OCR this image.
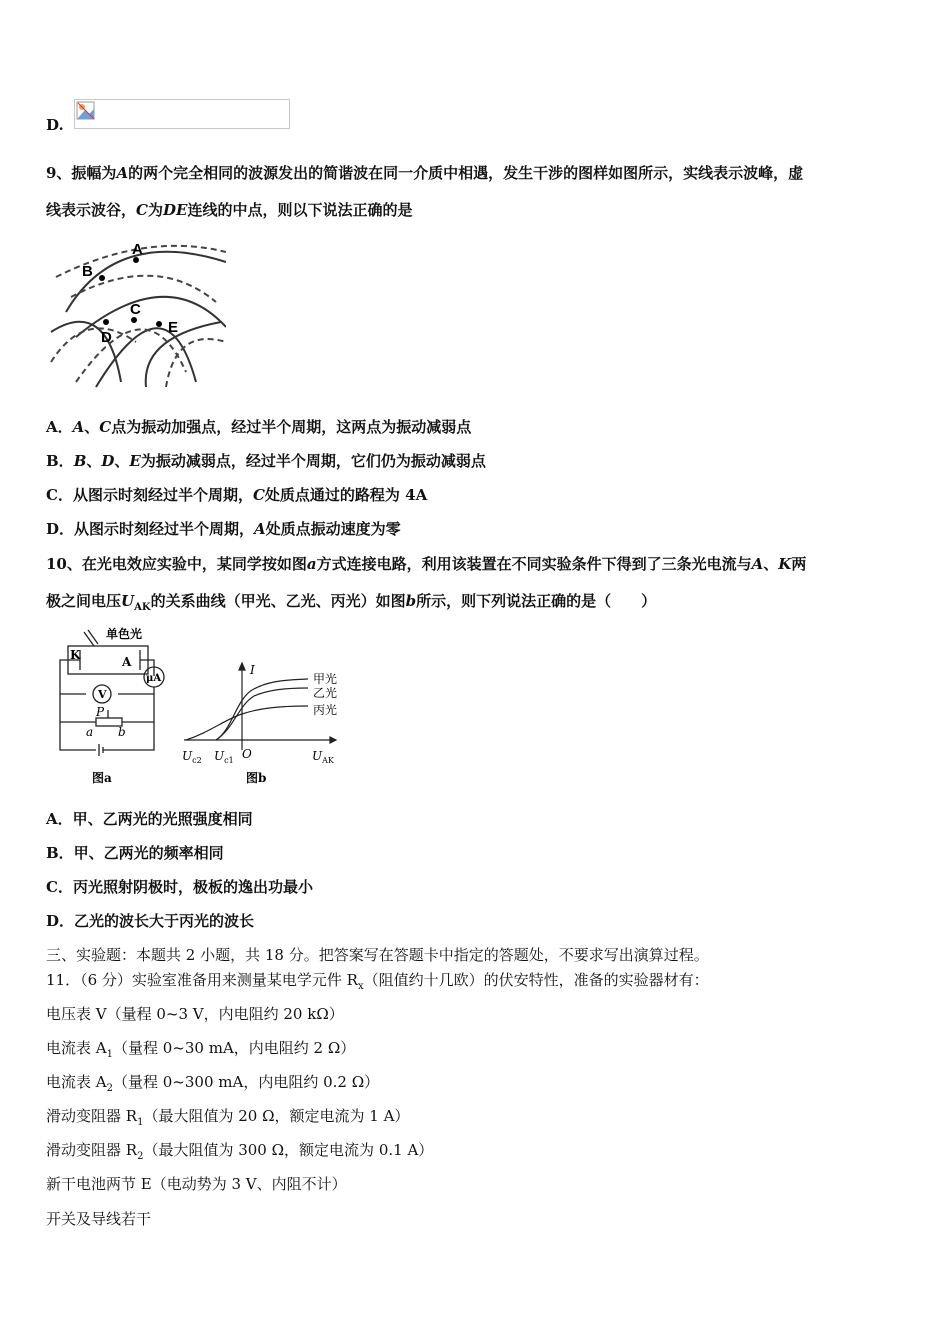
D.
9、振幅为A的两个完全相同的波源发出的简谐波在同一介质中相遇，发生干涉的图样如图所示，实线表示波峰，虚
线表示波谷，C为DE连线的中点，则以下说法正确的是
A
B
C
D
E
A．A、C点为振动加强点，经过半个周期，这两点为振动减弱点
B．B、D、E为振动减弱点，经过半个周期，它们仍为振动减弱点
C．从图示时刻经过半个周期，C处质点通过的路程为 4A
D．从图示时刻经过半个周期，A处质点振动速度为零
10、在光电效应实验中，某同学按如图a方式连接电路，利用该装置在不同实验条件下得到了三条光电流与A、K两
极之间电压$U_{AK}$的关系曲线（甲光、乙光、丙光）如图b所示，则下列说法正确的是（　　）
单色光
K	A
μA
V
P
a b
图a
I
甲光
乙光
丙光
$U_{c2}$ $U_{c1}$ O	$U_{AK}$
图b
A．甲、乙两光的光照强度相同
B．甲、乙两光的频率相同
C．丙光照射阴极时，极板的逸出功最小
D．乙光的波长大于丙光的波长
三、实验题：本题共 2 小题，共 18 分。把答案写在答题卡中指定的答题处，不要求写出演算过程。
11．（6 分）实验室准备用来测量某电学元件 $R_x$（阻值约十几欧）的伏安特性，准备的实验器材有：
电压表 V（量程 0~3 V，内电阻约 20 kΩ）
电流表 $A_1$（量程 0~30 mA，内电阻约 2 Ω）
电流表 $A_2$（量程 0~300 mA，内电阻约 0.2 Ω）
滑动变阻器 $R_1$（最大阻值为 20 Ω，额定电流为 1 A）
滑动变阻器 $R_2$（最大阻值为 300 Ω，额定电流为 0.1 A）
新干电池两节 E（电动势为 3 V、内阻不计）
开关及导线若干
